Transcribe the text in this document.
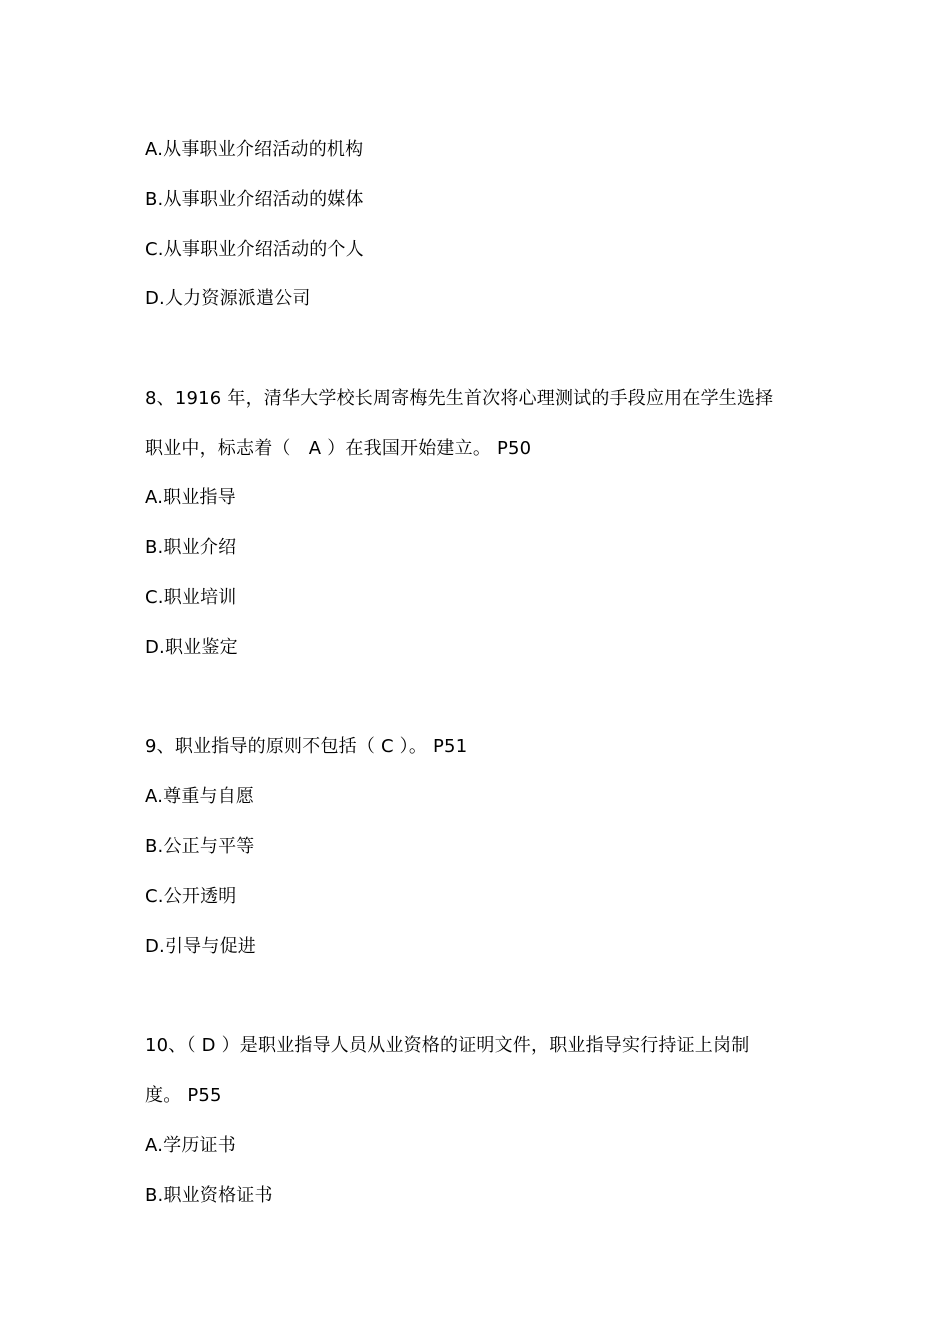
A.从事职业介绍活动的机构
B.从事职业介绍活动的媒体
C.从事职业介绍活动的个人
D.人力资源派遣公司
8、1916 年，清华大学校长周寄梅先生首次将心理测试的手段应用在学生选择
职业中，标志着（　A ）在我国开始建立。 P50
A.职业指导
B.职业介绍
C.职业培训
D.职业鉴定
9、职业指导的原则不包括（ C ）。 P51
A.尊重与自愿
B.公正与平等
C.公开透明
D.引导与促进
10、（ D ）是职业指导人员从业资格的证明文件，职业指导实行持证上岗制
度。 P55
A.学历证书
B.职业资格证书
